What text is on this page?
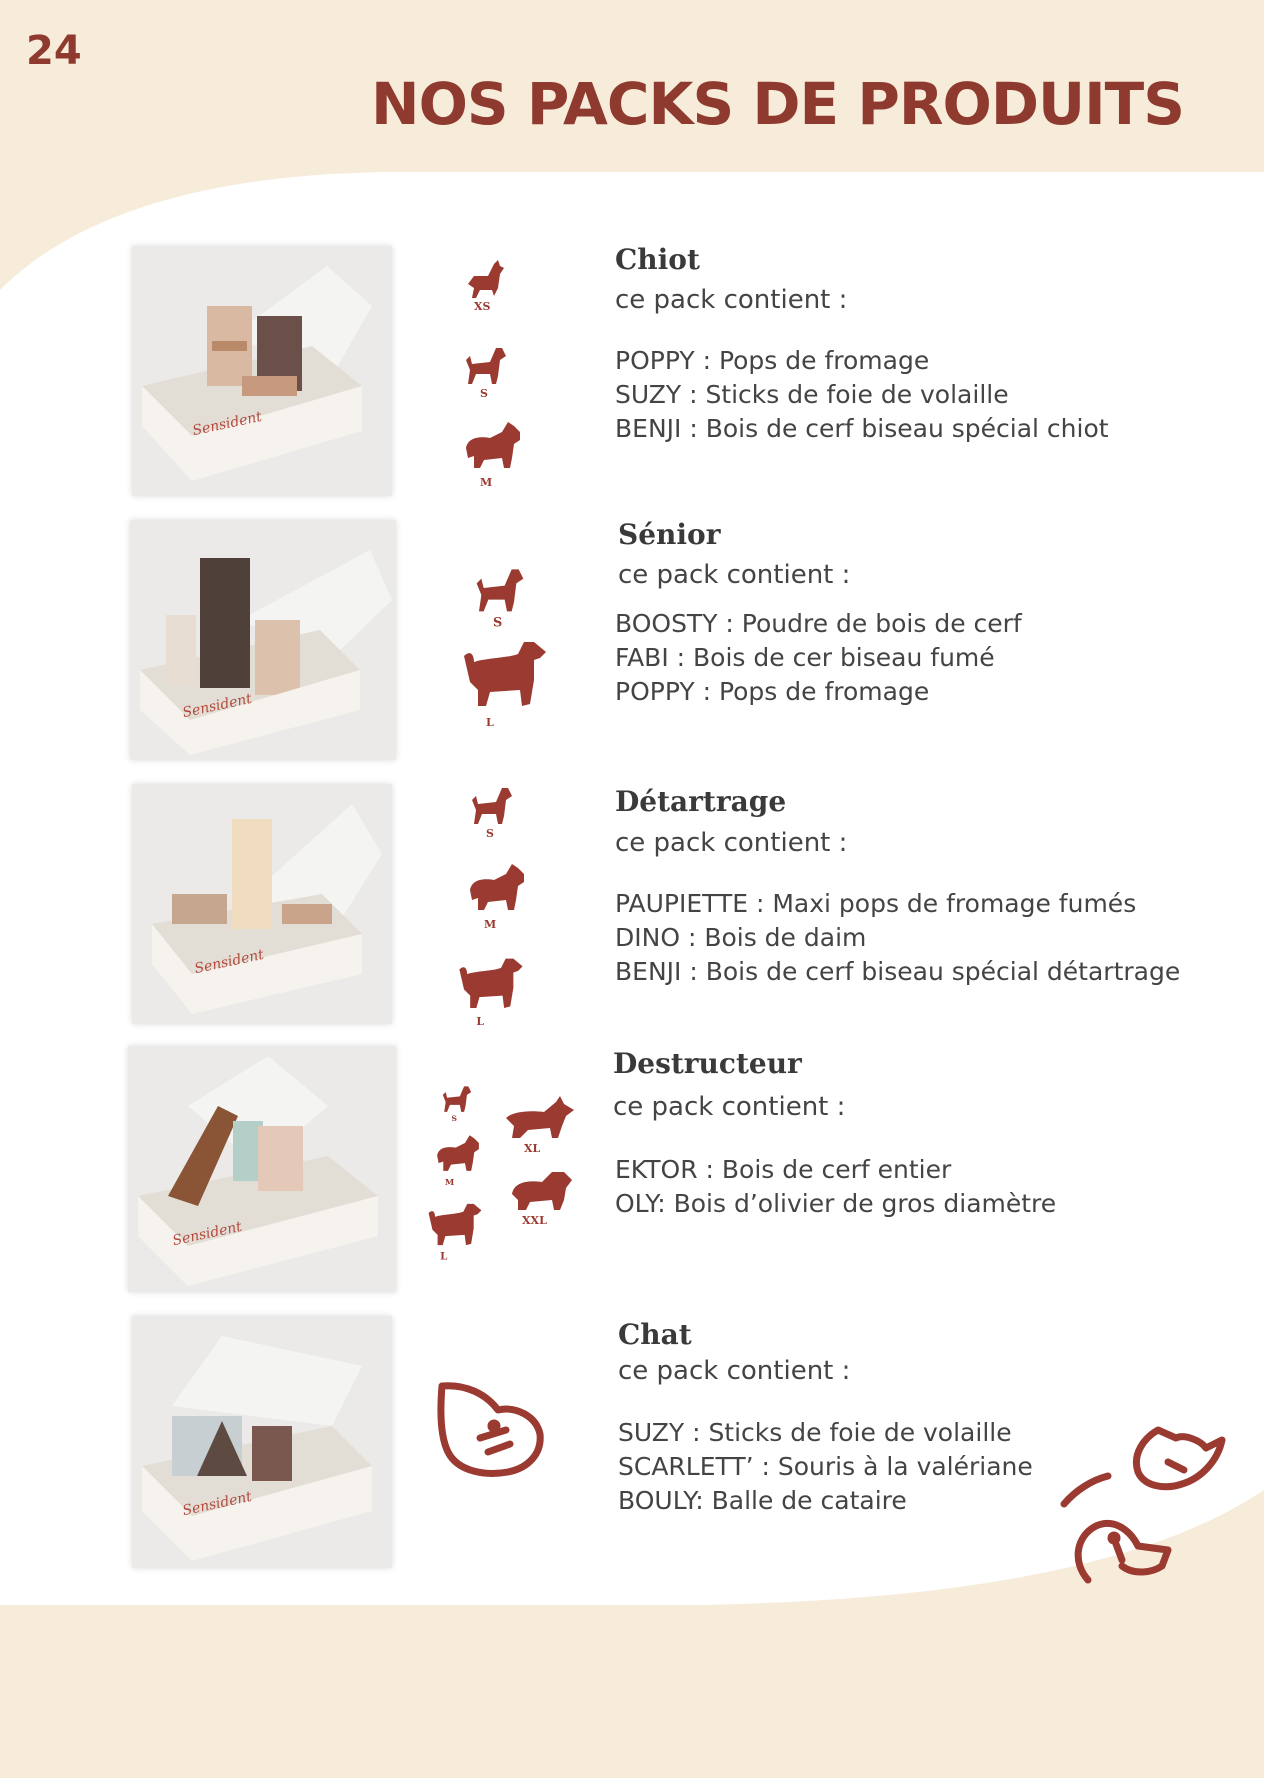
24
NOS PACKS DE PRODUITS
Sensident
XS
S
M
Chiot
ce pack contient :
POPPY : Pops de fromage
SUZY : Sticks de foie de volaille
BENJI : Bois de cerf biseau spécial chiot
Sensident
S
L
Sénior
ce pack contient :
BOOSTY : Poudre de bois de cerf
FABI : Bois de cer biseau fumé
POPPY : Pops de fromage
Sensident
S
M
L
Détartrage
ce pack contient :
PAUPIETTE : Maxi pops de fromage fumés
DINO : Bois de daim
BENJI : Bois de cerf biseau spécial détartrage
Sensident
S
M
L
XL
XXL
Destructeur
ce pack contient :
EKTOR : Bois de cerf entier
OLY: Bois d’olivier de gros diamètre
Sensident
Chat
ce pack contient :
SUZY : Sticks de foie de volaille
SCARLETT’ : Souris à la valériane
BOULY: Balle de cataire
